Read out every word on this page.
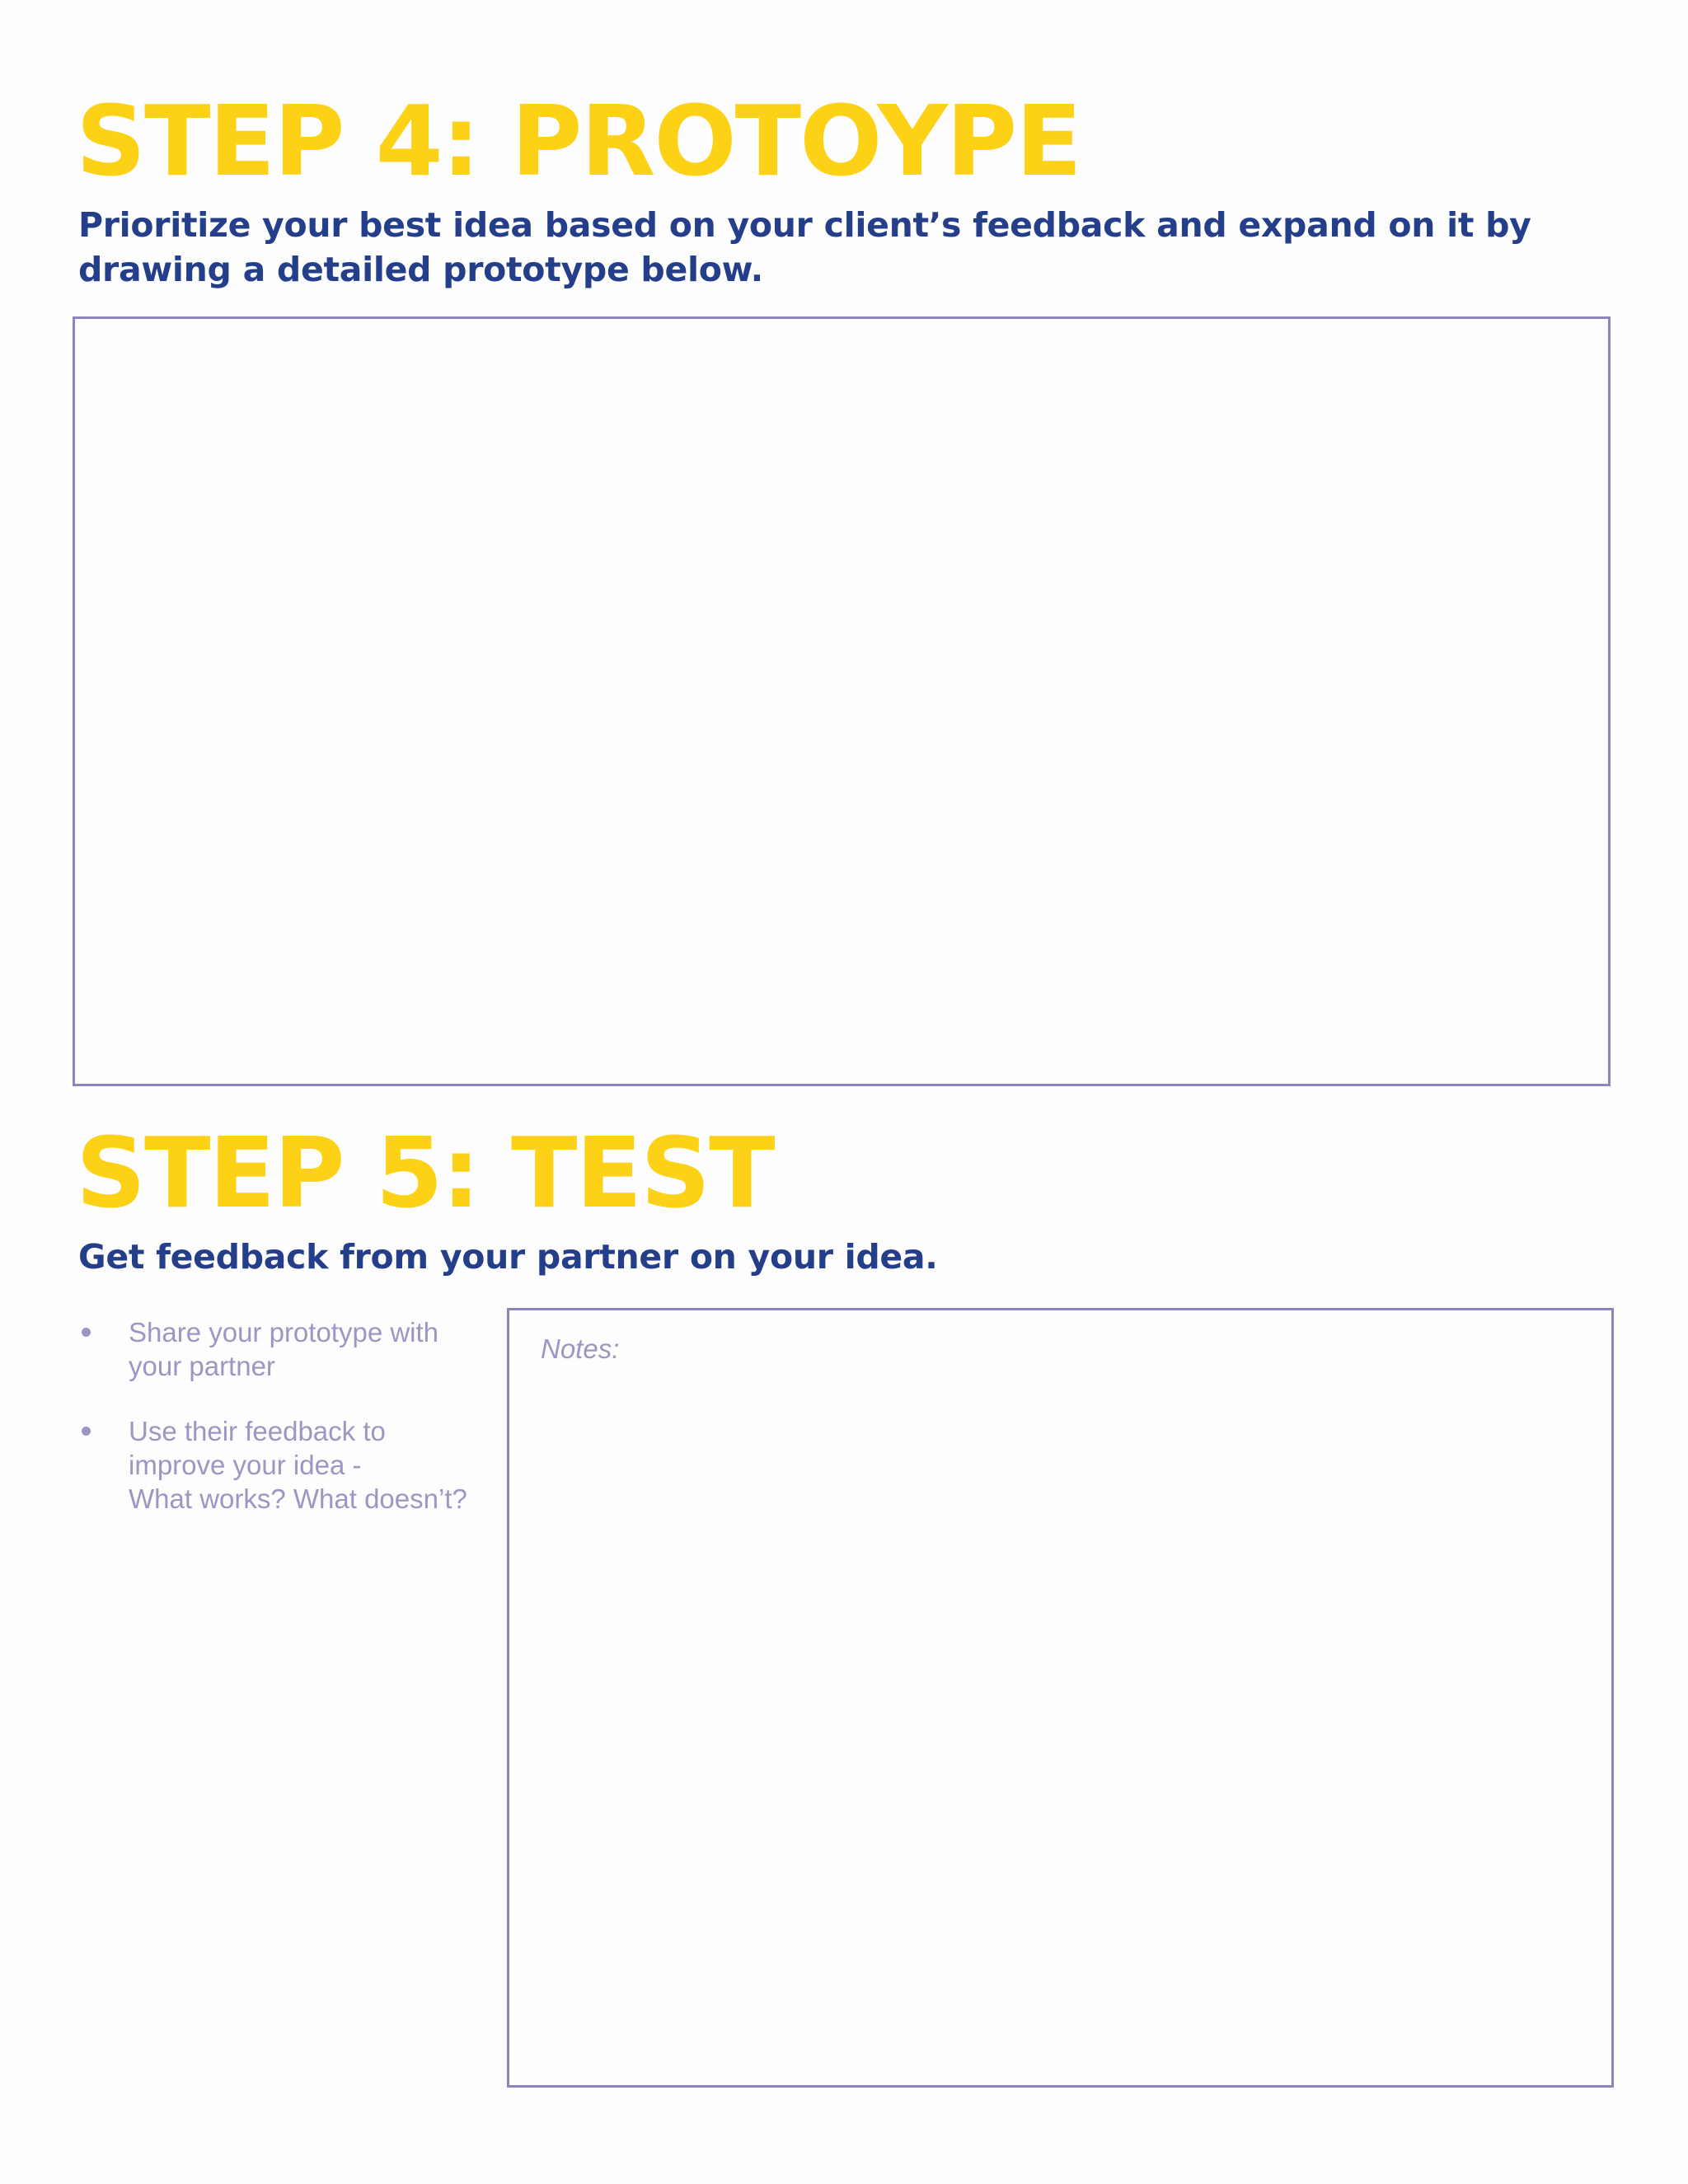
STEP 4: PROTOYPE

Prioritize your best idea based on your client’s feedback and expand on it by drawing a detailed prototype below.

STEP 5: TEST

Get feedback from your partner on your idea.

Share your prototype with
your partner
Use their feedback to
improve your idea -
What works? What doesn’t?
Notes:
